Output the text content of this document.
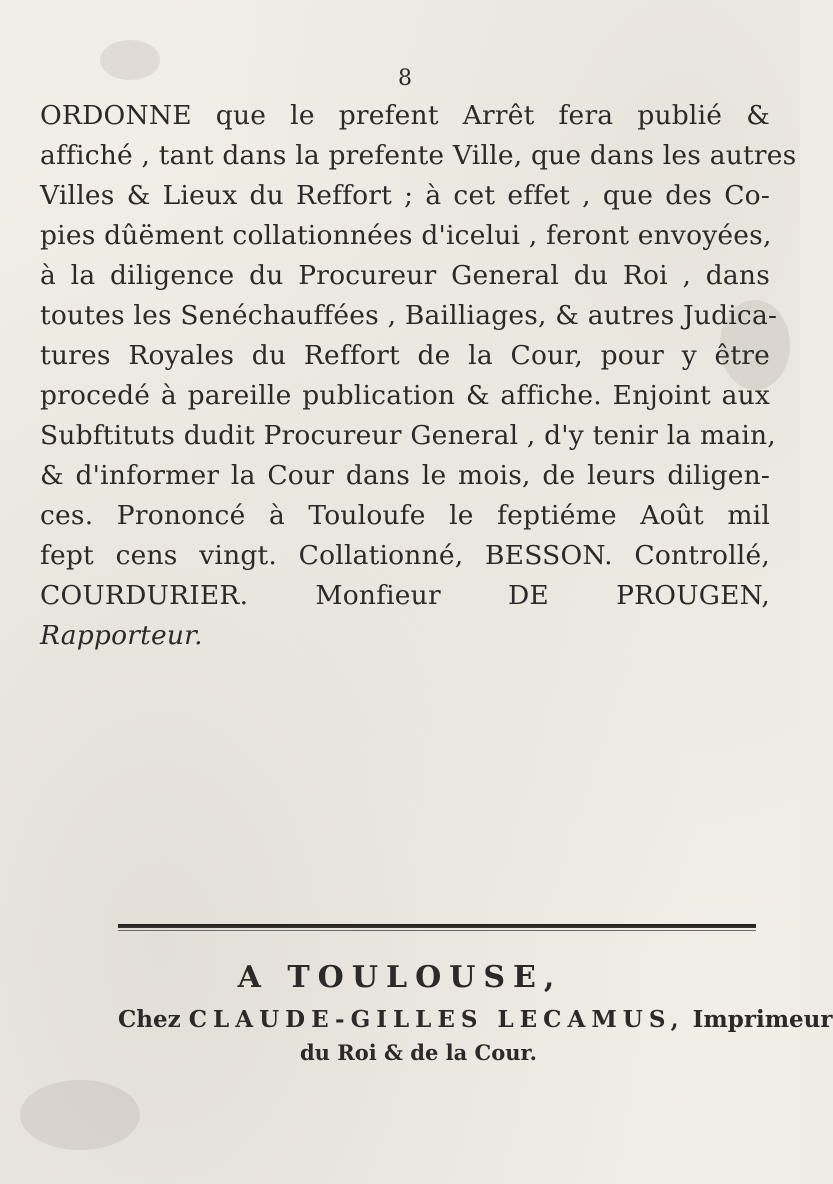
8
ORDONNE que le prefent Arrêt fera publié &
affiché , tant dans la prefente Ville, que dans les autres
Villes & Lieux du Reffort ; à cet effet , que des Co-
pies dûëment collationnées d'icelui , feront envoyées,
à la diligence du Procureur General du Roi , dans
toutes les Senéchauffées , Bailliages, & autres Judica-
tures Royales du Reffort de la Cour, pour y être
procedé à pareille publication & affiche. Enjoint aux
Subftituts dudit Procureur General , d'y tenir la main,
& d'informer la Cour dans le mois, de leurs diligen-
ces. Prononcé à Touloufe le feptiéme Août mil
fept cens vingt. Collationné, BESSON. Controllé,
COURDURIER. Monfieur DE PROUGEN,
Rapporteur.
A TOULOUSE,
Chez CLAUDE-GILLES LECAMUS, Imprimeur
du Roi & de la Cour.
